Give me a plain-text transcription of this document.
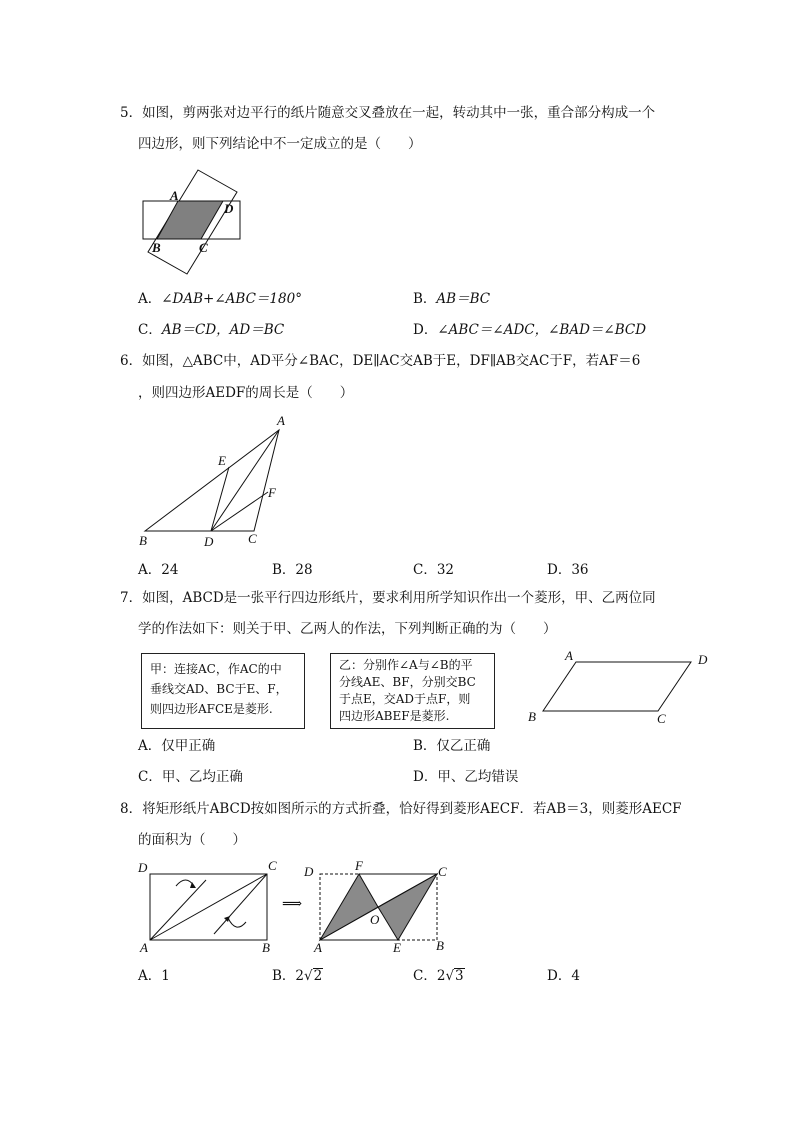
5．如图，剪两张对边平行的纸片随意交叉叠放在一起，转动其中一张，重合部分构成一个
四边形，则下列结论中不一定成立的是（　　）
A
D
B	C
A．∠DAB+∠ABC＝180°	B．AB＝BC
C．AB＝CD，AD＝BC	D．∠ABC＝∠ADC，∠BAD＝∠BCD
6．如图，△ABC中，AD平分∠BAC，DE∥AC交AB于E，DF∥AB交AC于F，若AF＝6
，则四边形AEDF的周长是（　　）
A
E
F
B	D	C
A．24	B．28	C．32	D．36
7．如图，ABCD是一张平行四边形纸片，要求利用所学知识作出一个菱形，甲、乙两位同
学的作法如下：则关于甲、乙两人的作法，下列判断正确的为（　　）
甲：连接AC，作AC的中
垂线交AD、BC于E、F，
则四边形AFCE是菱形.
乙：分别作∠A与∠B的平
分线AE、BF，分别交BC
于点E，交AD于点F，则
四边形ABEF是菱形.
A	D
B	C
A．仅甲正确	B．仅乙正确
C．甲、乙均正确	D．甲、乙均错误
8．将矩形纸片ABCD按如图所示的方式折叠，恰好得到菱形AECF．若AB＝3，则菱形AECF
的面积为（　　）
D	C
A	B
⟹
D	F	C
O
A	E	B
A．1	B．2√2	C．2√3	D．4
